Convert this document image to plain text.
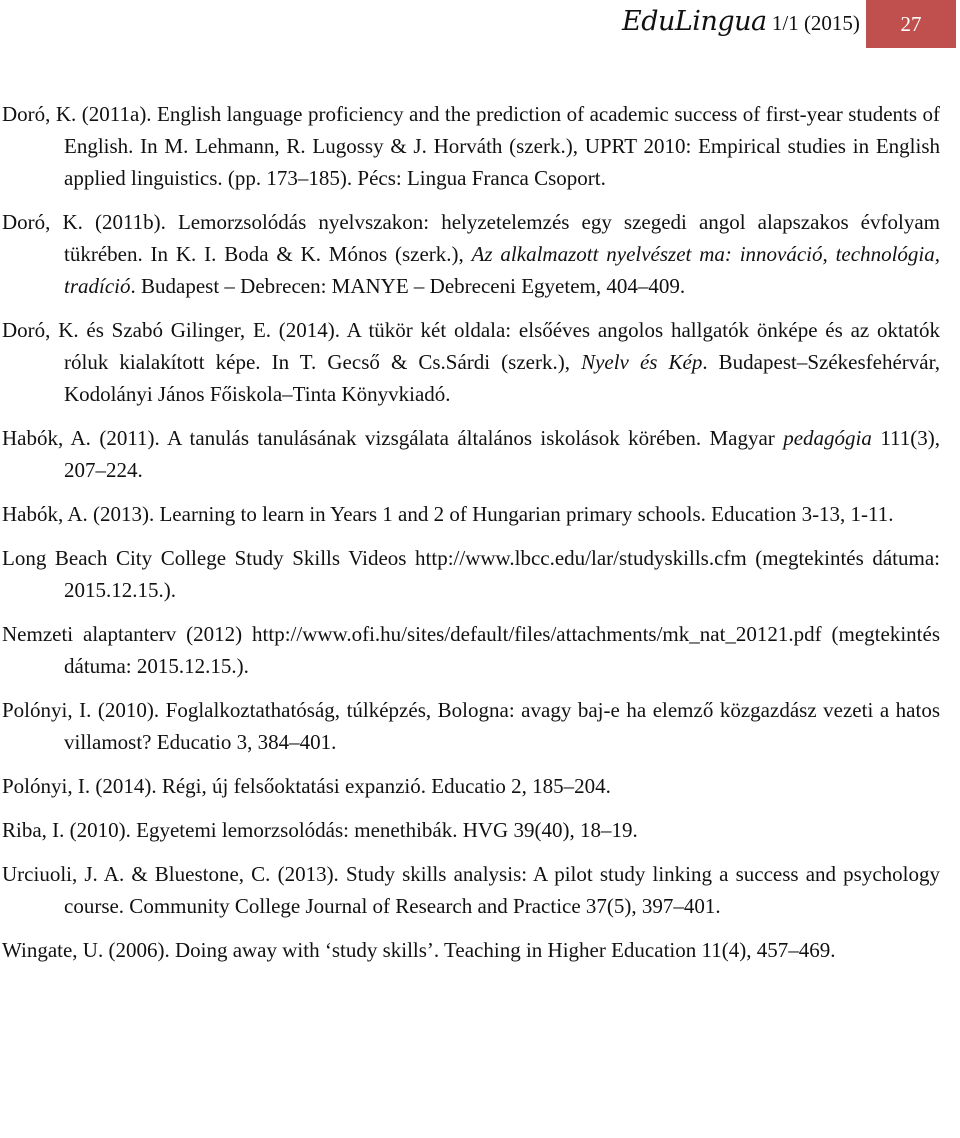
EduLingua 1/1 (2015)	27

Doró, K. (2011a). English language proficiency and the prediction of academic success of first-year students of English. In M. Lehmann, R. Lugossy & J. Horváth (szerk.), UPRT 2010: Empirical studies in English applied linguistics. (pp. 173–185). Pécs: Lingua Franca Csoport.

Doró, K. (2011b). Lemorzsolódás nyelvszakon: helyzetelemzés egy szegedi angol alapszakos évfolyam tükrében. In K. I. Boda & K. Mónos (szerk.), Az alkalmazott nyelvészet ma: innováció, technológia, tradíció. Budapest – Debrecen: MANYE – Debreceni Egyetem, 404–409.

Doró, K. és Szabó Gilinger, E. (2014). A tükör két oldala: elsőéves angolos hallgatók önképe és az oktatók róluk kialakított képe. In T. Gecső & Cs.Sárdi (szerk.), Nyelv és Kép. Budapest–Székesfehérvár, Kodolányi János Főiskola–Tinta Könyvkiadó.

Habók, A. (2011). A tanulás tanulásának vizsgálata általános iskolások körében. Magyar pedagógia 111(3), 207–224.

Habók, A. (2013). Learning to learn in Years 1 and 2 of Hungarian primary schools. Education 3-13, 1-11.

Long Beach City College Study Skills Videos http://www.lbcc.edu/lar/studyskills.cfm (megtekintés dátuma: 2015.12.15.).

Nemzeti alaptanterv (2012) http://www.ofi.hu/sites/default/files/attachments/mk_nat_20121.pdf (megtekintés dátuma: 2015.12.15.).

Polónyi, I. (2010). Foglalkoztathatóság, túlképzés, Bologna: avagy baj-e ha elemző közgazdász vezeti a hatos villamost? Educatio 3, 384–401.

Polónyi, I. (2014). Régi, új felsőoktatási expanzió. Educatio 2, 185–204.

Riba, I. (2010). Egyetemi lemorzsolódás: menethibák. HVG 39(40), 18–19.

Urciuoli, J. A. & Bluestone, C. (2013). Study skills analysis: A pilot study linking a success and psychology course. Community College Journal of Research and Practice 37(5), 397–401.

Wingate, U. (2006). Doing away with ‘study skills’. Teaching in Higher Education 11(4), 457–469.
